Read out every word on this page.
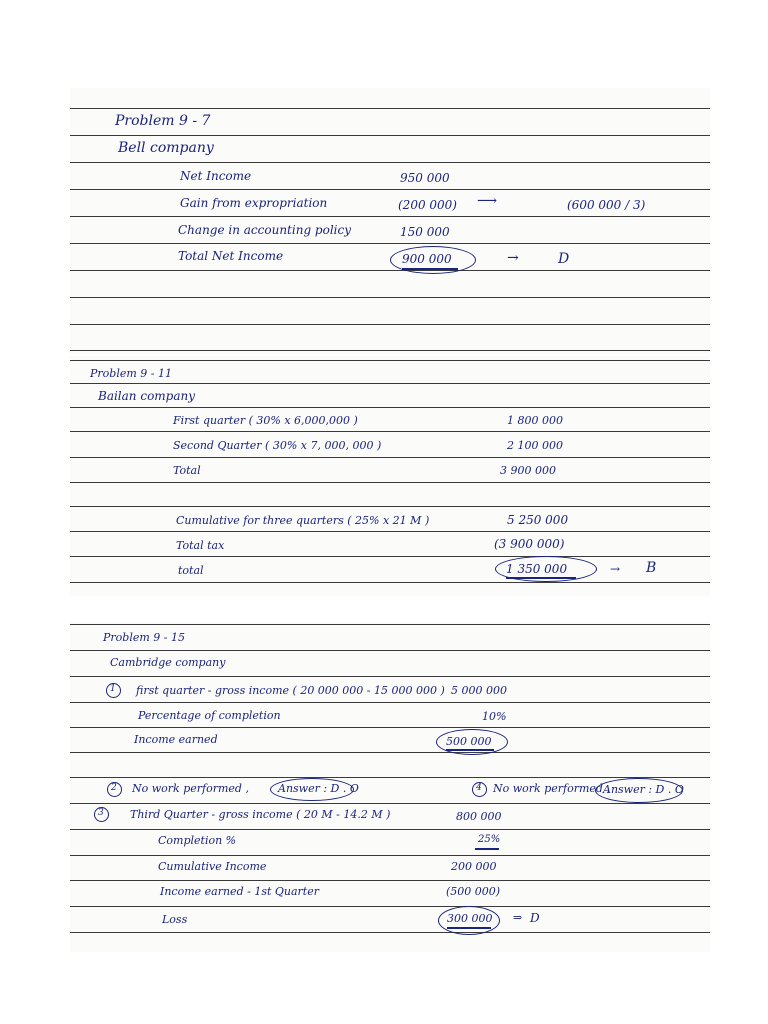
Problem 9 - 7
Bell company
Net Income	950 000
Gain from expropriation	(200 000) ⟶	(600 000 / 3)
Change in accounting policy	150 000
Total Net Income	900 000	→	D
Problem 9 - 11
Bailan company
First quarter ( 30% x 6,000,000 )	1 800 000
Second Quarter ( 30% x 7, 000, 000 )	2 100 000
Total	3 900 000
Cumulative for three quarters ( 25% x 21 M )	5 250 000
Total tax	(3 900 000)
total	1 350 000	→ B
Problem 9 - 15
Cambridge company
1 first quarter - gross income ( 20 000 000 - 15 000 000 ) 5 000 000
Percentage of completion	10%
Income earned	500 000
2 No work performed ,	Answer : D . O	4 No work performed ,
Answer : D . O
3 Third Quarter - gross income ( 20 M - 14.2 M )	800 000
Completion %	25%
Cumulative Income	200 000
Income earned - 1st Quarter	(500 000)
Loss	300 000 ⇒ D
